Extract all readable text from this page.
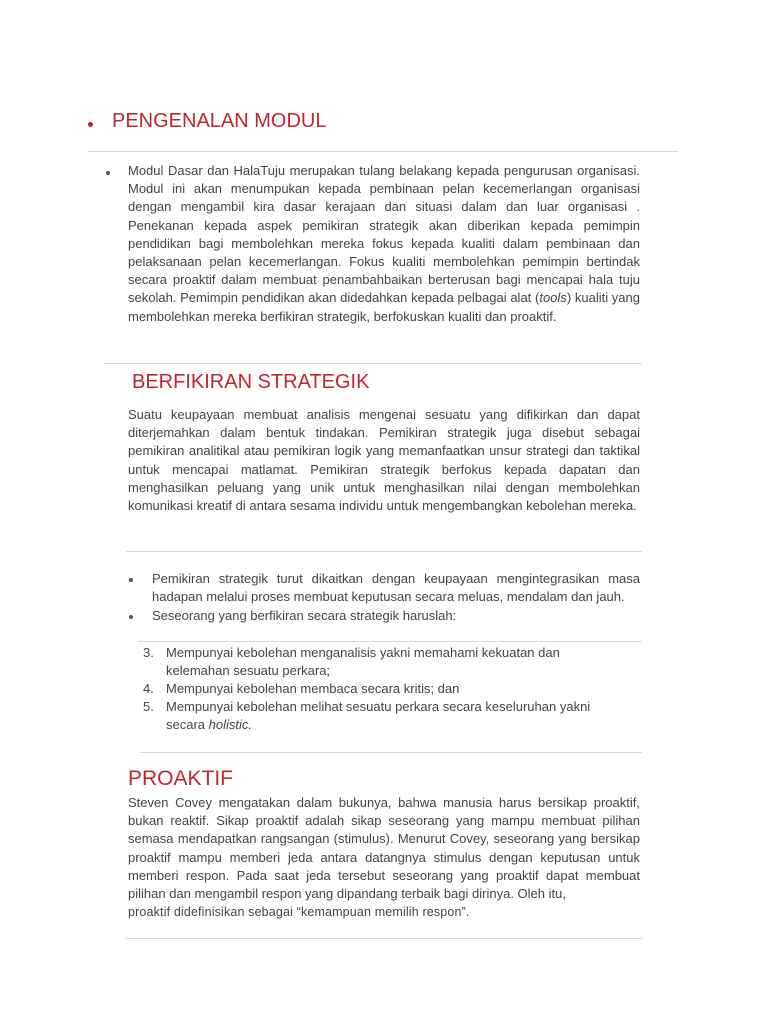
PENGENALAN MODUL

Modul Dasar dan HalaTuju merupakan tulang belakang kepada pengurusan organisasi. Modul ini akan menumpukan kepada pembinaan pelan kecemerlangan organisasi dengan mengambil kira dasar kerajaan dan situasi dalam dan luar organisasi . Penekanan kepada aspek pemikiran strategik akan diberikan kepada pemimpin pendidikan bagi membolehkan mereka fokus kepada kualiti dalam pembinaan dan pelaksanaan pelan kecemerlangan. Fokus kualiti membolehkan pemimpin bertindak secara proaktif dalam membuat penambahbaikan berterusan bagi mencapai hala tuju sekolah. Pemimpin pendidikan akan didedahkan kepada pelbagai alat (tools) kualiti yang membolehkan mereka berfikiran strategik, berfokuskan kualiti dan proaktif.

BERFIKIRAN STRATEGIK

Suatu keupayaan membuat analisis mengenai sesuatu yang difikirkan dan dapat diterjemahkan dalam bentuk tindakan. Pemikiran strategik juga disebut sebagai pemikiran analitikal atau pemikiran logik yang memanfaatkan unsur strategi dan taktikal untuk mencapai matlamat. Pemikiran strategik berfokus kepada dapatan dan menghasilkan peluang yang unik untuk menghasilkan nilai dengan membolehkan komunikasi kreatif di antara sesama individu untuk mengembangkan kebolehan mereka.

Pemikiran strategik turut dikaitkan dengan keupayaan mengintegrasikan masa hadapan melalui proses membuat keputusan secara meluas, mendalam dan jauh.

Seseorang yang berfikiran secara strategik haruslah:

3. Mempunyai kebolehan menganalisis yakni memahami kekuatan dan kelemahan sesuatu perkara;
4. Mempunyai kebolehan membaca secara kritis; dan
5. Mempunyai kebolehan melihat sesuatu perkara secara keseluruhan yakni secara holistic.
PROAKTIF

Steven Covey mengatakan dalam bukunya, bahwa manusia harus bersikap proaktif, bukan reaktif. Sikap proaktif adalah sikap seseorang yang mampu membuat pilihan semasa mendapatkan rangsangan (stimulus). Menurut Covey, seseorang yang bersikap proaktif mampu memberi jeda antara datangnya stimulus dengan keputusan untuk memberi respon. Pada saat jeda tersebut seseorang yang proaktif dapat membuat pilihan dan mengambil respon yang dipandang terbaik bagi dirinya. Oleh itu,

proaktif didefinisikan sebagai “kemampuan memilih respon”.
